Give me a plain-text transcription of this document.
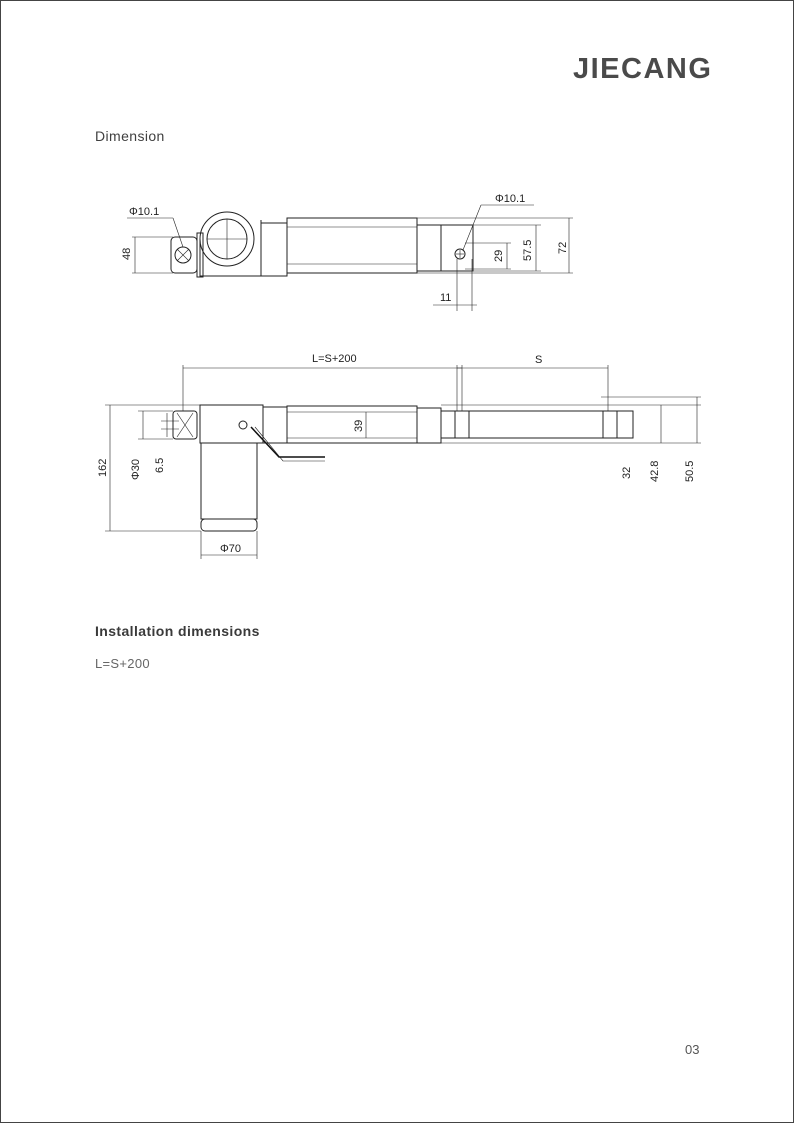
JIECANG
Dimension
Φ10.1
Φ10.1
48	29 57.5 72
11
L=S+200	S
39
162 Φ30 6.5
Φ70
32 42.8 50.5
Installation dimensions
L=S+200
03
